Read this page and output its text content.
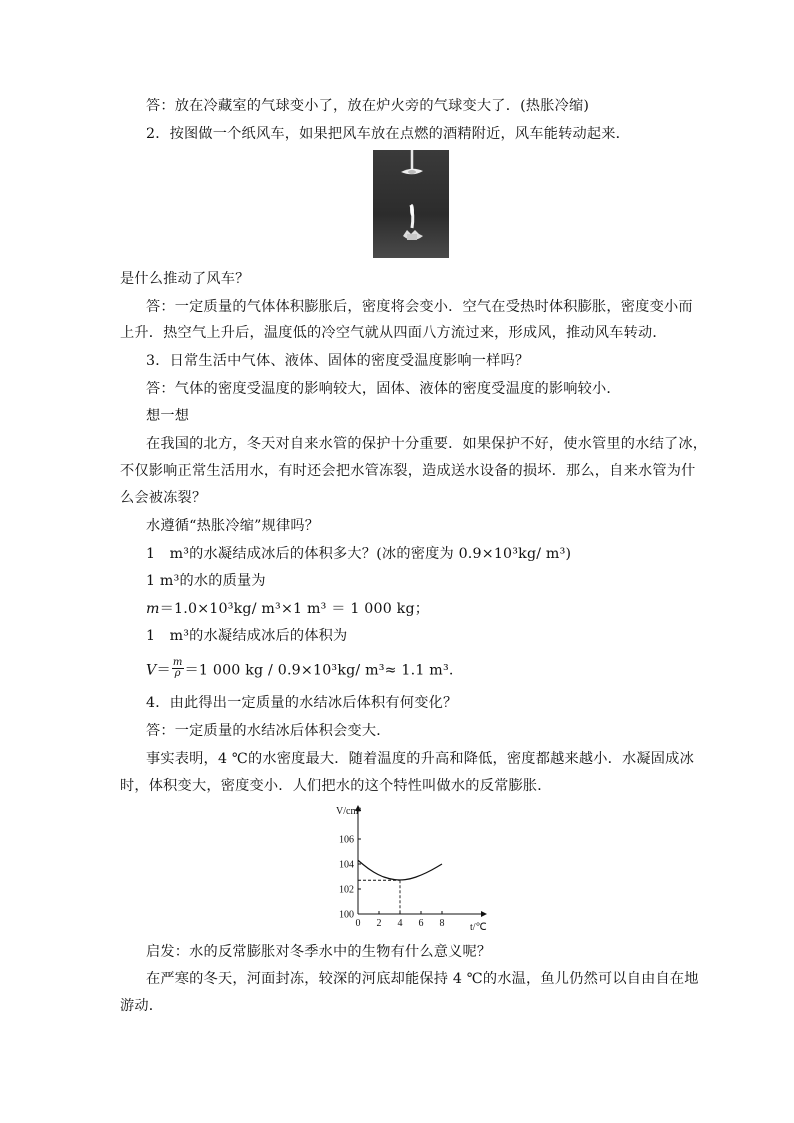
答：放在冷藏室的气球变小了，放在炉火旁的气球变大了．(热胀冷缩)
2．按图做一个纸风车，如果把风车放在点燃的酒精附近，风车能转动起来．
是什么推动了风车？
答：一定质量的气体体积膨胀后，密度将会变小．空气在受热时体积膨胀，密度变小而
上升．热空气上升后，温度低的冷空气就从四面八方流过来，形成风，推动风车转动．
3．日常生活中气体、液体、固体的密度受温度影响一样吗？
答：气体的密度受温度的影响较大，固体、液体的密度受温度的影响较小．
想一想
在我国的北方，冬天对自来水管的保护十分重要．如果保护不好，使水管里的水结了冰，
不仅影响正常生活用水，有时还会把水管冻裂，造成送水设备的损坏．那么，自来水管为什
么会被冻裂？
水遵循“热胀冷缩”规律吗？
1　m³的水凝结成冰后的体积多大？(冰的密度为 0.9×10³kg/ m³)
1 m³的水的质量为
m＝1.0×10³kg/ m³×1 m³ ＝ 1 000 kg；
1　m³的水凝结成冰后的体积为
$V= \frac{m}{\rho} =1$ 000 kg / 0.9×10³kg/ m³≈ 1.1 m³.
4．由此得出一定质量的水结冰后体积有何变化？
答：一定质量的水结冰后体积会变大．
事实表明，4 ℃的水密度最大．随着温度的升高和降低，密度都越来越小．水凝固成冰
时，体积变大，密度变小．人们把水的这个特性叫做水的反常膨胀．
0 2 4 6 8
100
102
104
106
V/cm³
t/℃
启发：水的反常膨胀对冬季水中的生物有什么意义呢？
在严寒的冬天，河面封冻，较深的河底却能保持 4 ℃的水温，鱼儿仍然可以自由自在地
游动．
